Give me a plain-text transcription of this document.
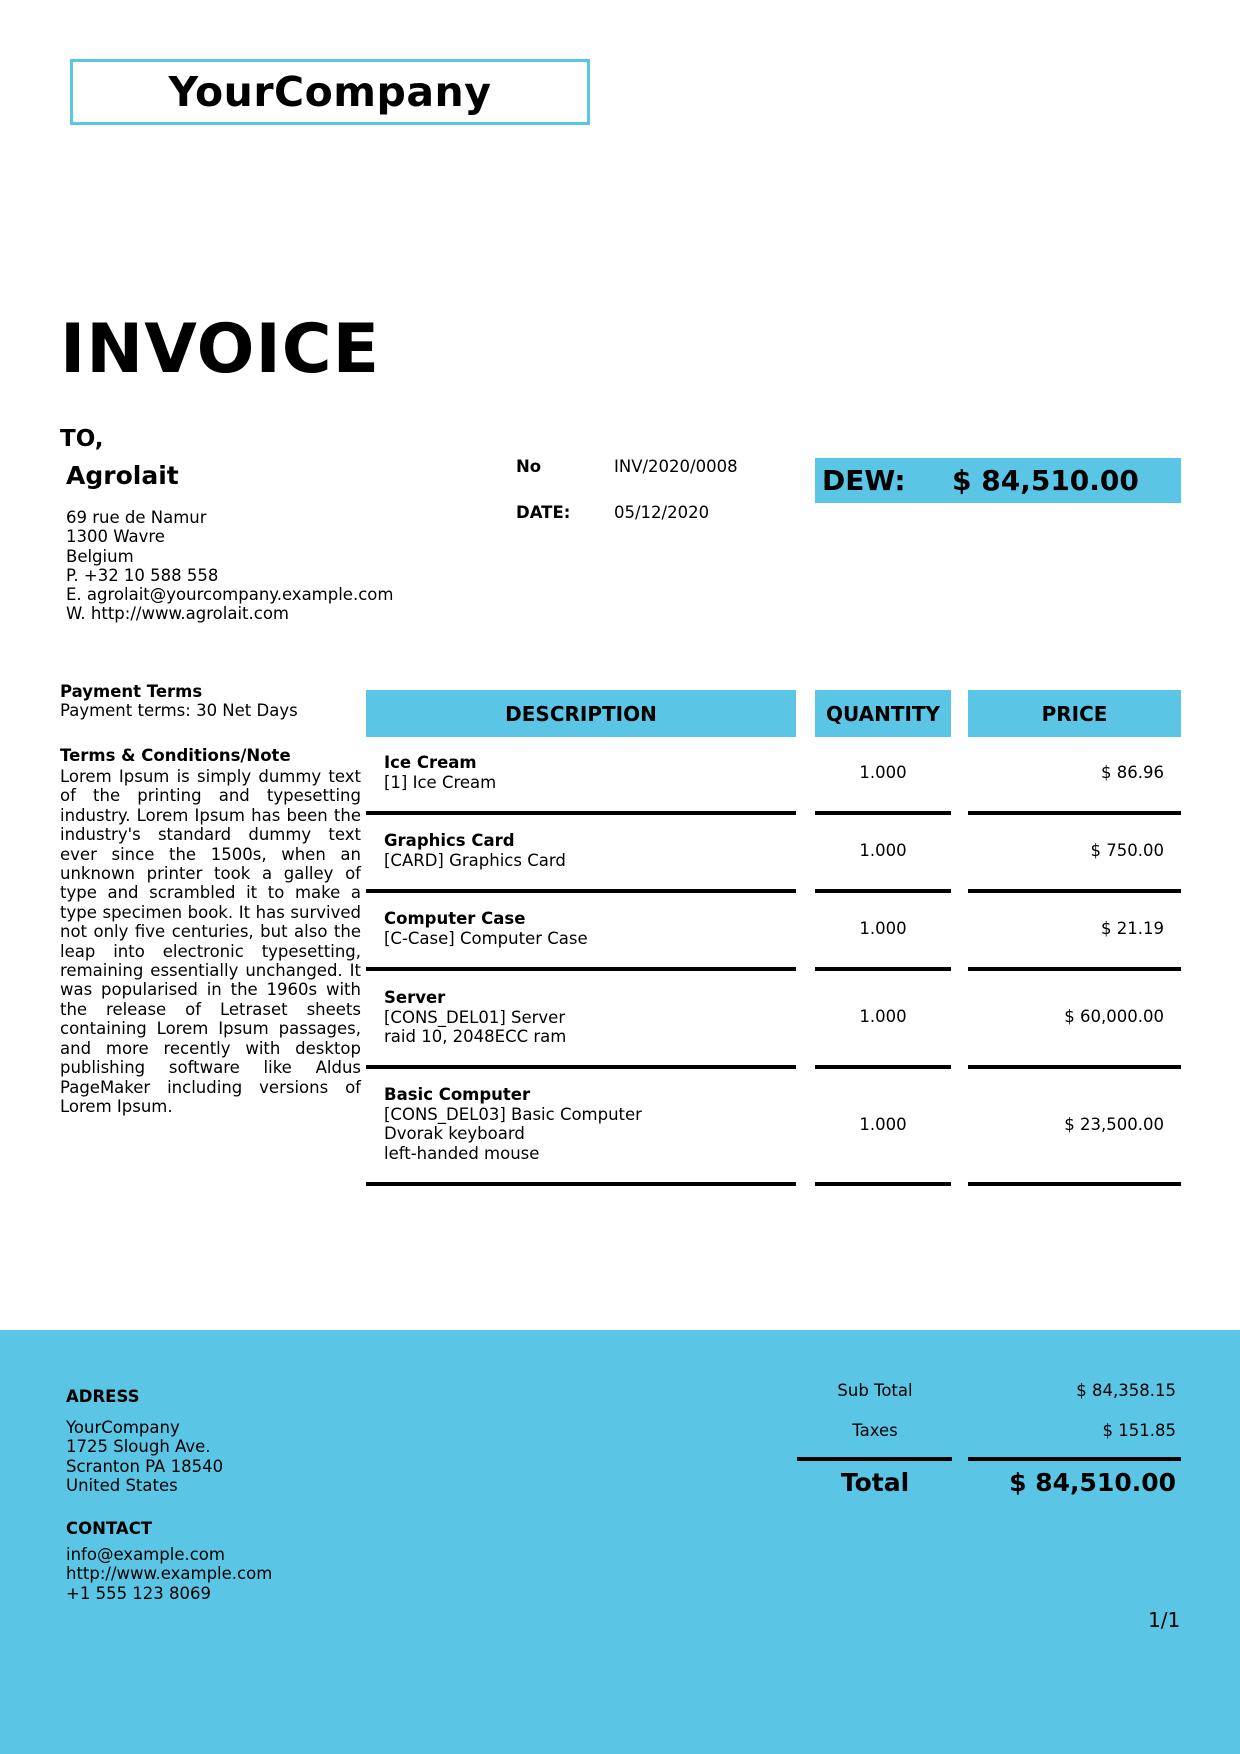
YourCompany
INVOICE
TO,
Agrolait
69 rue de Namur
1300 Wavre
Belgium
P. +32 10 588 558
E. agrolait@yourcompany.example.com
W. http://www.agrolait.com
No	INV/2020/0008
DATE:	05/12/2020
DEW: $ 84,510.00
Payment Terms
Payment terms: 30 Net Days
Terms & Conditions/Note
Lorem Ipsum is simply dummy text of the printing and typesetting industry. Lorem Ipsum has been the industry's standard dummy text ever since the 1500s, when an unknown printer took a galley of type and scrambled it to make a type specimen book. It has survived not only five centuries, but also the leap into electronic typesetting, remaining essentially unchanged. It was popularised in the 1960s with the release of Letraset sheets containing Lorem Ipsum passages, and more recently with desktop publishing software like Aldus PageMaker including versions of Lorem Ipsum.
DESCRIPTION	QUANTITY	PRICE
Ice Cream
[1] Ice Cream	1.000	$ 86.96
Graphics Card
[CARD] Graphics Card	1.000	$ 750.00
Computer Case
[C-Case] Computer Case	1.000	$ 21.19
Server
[CONS_DEL01] Server
raid 10, 2048ECC ram
1.000	$ 60,000.00
Basic Computer
[CONS_DEL03] Basic Computer
Dvorak keyboard
left-handed mouse
1.000	$ 23,500.00
ADRESS
YourCompany
1725 Slough Ave.
Scranton PA 18540
United States
CONTACT
info@example.com
http://www.example.com
+1 555 123 8069
Sub Total	$ 84,358.15
Taxes	$ 151.85
Total	$ 84,510.00
1/1
